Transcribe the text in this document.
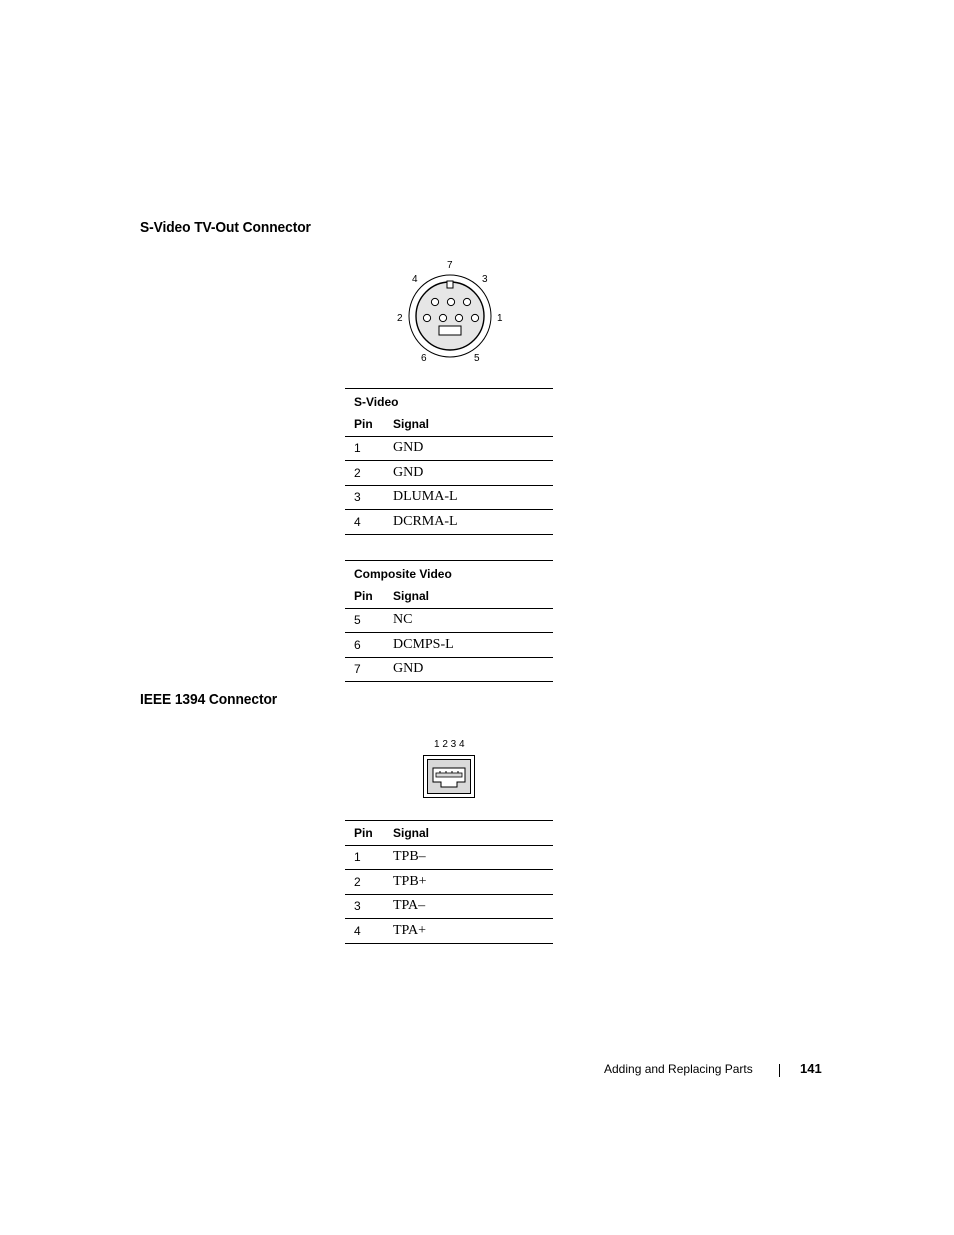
S-Video TV-Out Connector
7
4	3
2	1
6	5
S-Video	
Pin	Signal
1	GND
2	GND
3	DLUMA-L
4	DCRMA-L
Composite Video	
Pin	Signal
5	NC
6	DCMPS-L
7	GND
IEEE 1394 Connector
1 2 3 4
Pin	Signal
1	TPB–
2	TPB+
3	TPA–
4	TPA+
Adding and Replacing Parts	141
